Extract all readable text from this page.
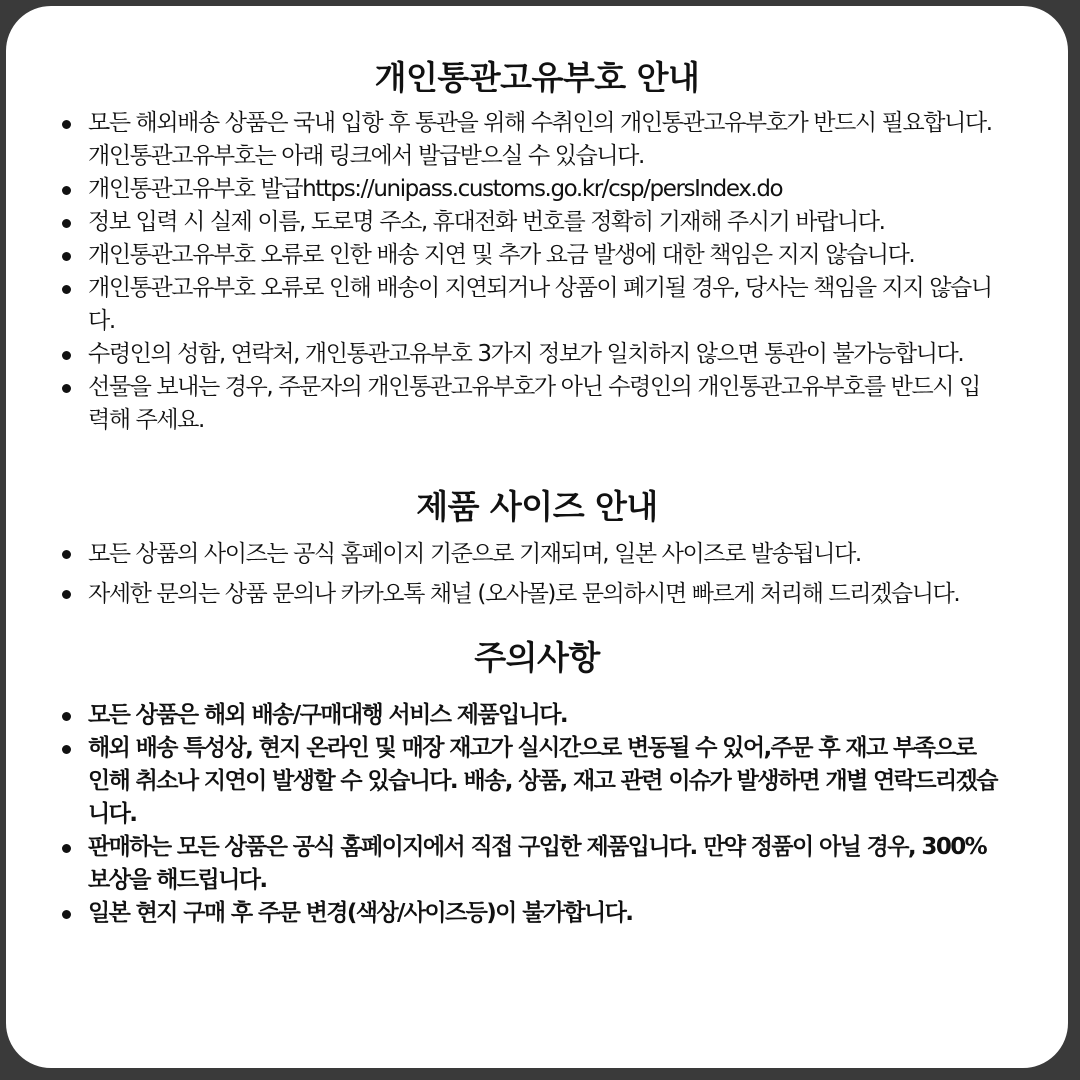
개인통관고유부호 안내
모든 해외배송 상품은 국내 입항 후 통관을 위해 수취인의 개인통관고유부호가 반드시 필요합니다. 개인통관고유부호는 아래 링크에서 발급받으실 수 있습니다.
개인통관고유부호 발급https://unipass.customs.go.kr/csp/persIndex.do
정보 입력 시 실제 이름, 도로명 주소, 휴대전화 번호를 정확히 기재해 주시기 바랍니다.
개인통관고유부호 오류로 인한 배송 지연 및 추가 요금 발생에 대한 책임은 지지 않습니다.
개인통관고유부호 오류로 인해 배송이 지연되거나 상품이 폐기될 경우, 당사는 책임을 지지 않습니다.
수령인의 성함, 연락처, 개인통관고유부호 3가지 정보가 일치하지 않으면 통관이 불가능합니다.
선물을 보내는 경우, 주문자의 개인통관고유부호가 아닌 수령인의 개인통관고유부호를 반드시 입력해 주세요.
제품 사이즈 안내
모든 상품의 사이즈는 공식 홈페이지 기준으로 기재되며, 일본 사이즈로 발송됩니다.
자세한 문의는 상품 문의나 카카오톡 채널 (오사몰)로 문의하시면 빠르게 처리해 드리겠습니다.
주의사항
모든 상품은 해외 배송/구매대행 서비스 제품입니다.
해외 배송 특성상, 현지 온라인 및 매장 재고가 실시간으로 변동될 수 있어,주문 후 재고 부족으로 인해 취소나 지연이 발생할 수 있습니다. 배송, 상품, 재고 관련 이슈가 발생하면 개별 연락드리겠습니다.
판매하는 모든 상품은 공식 홈페이지에서 직접 구입한 제품입니다. 만약 정품이 아닐 경우, 300% 보상을 해드립니다.
일본 현지 구매 후 주문 변경(색상/사이즈등)이 불가합니다.
